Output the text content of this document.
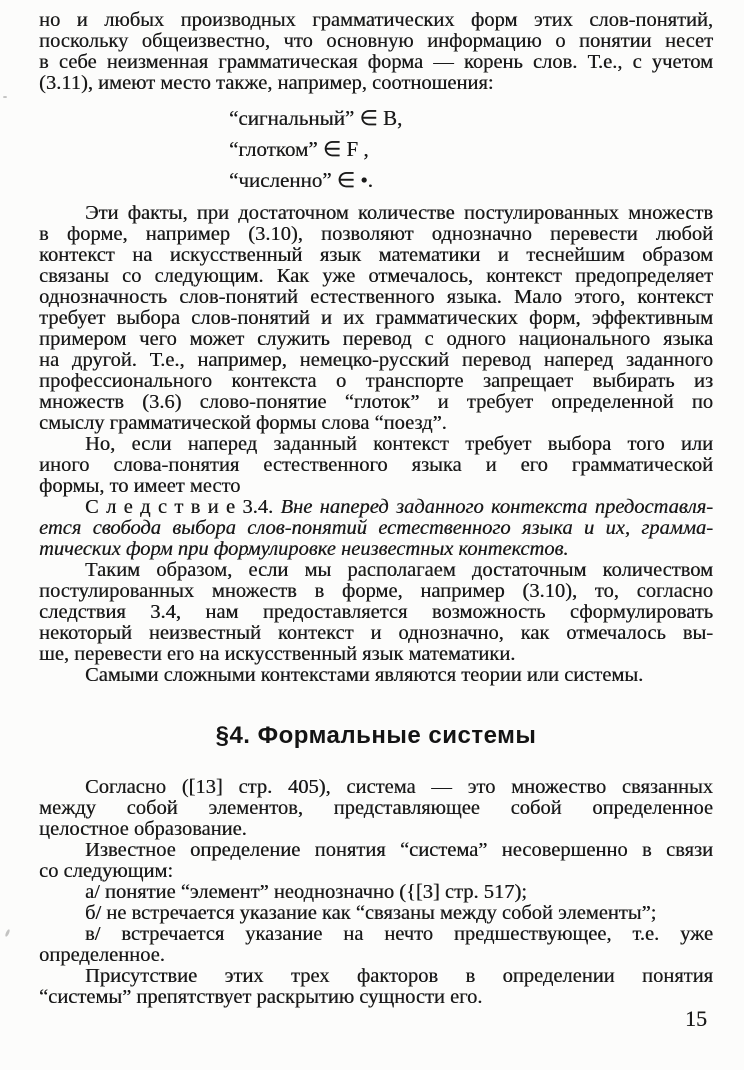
но и любых производных грамматических форм этих слов-понятий,
поскольку общеизвестно, что основную информацию о понятии несет
в себе неизменная грамматическая форма — корень слов. Т.е., с учетом
(3.11), имеют место также, например, соотношения:
“сигнальный” ∈ B,
“глотком” ∈ F ,
“численно” ∈ •.
Эти факты, при достаточном количестве постулированных множеств
в форме, например (3.10), позволяют однозначно перевести любой
контекст на искусственный язык математики и теснейшим образом
связаны со следующим. Как уже отмечалось, контекст предопределяет
однозначность слов-понятий естественного языка. Мало этого, контекст
требует выбора слов-понятий и их грамматических форм, эффективным
примером чего может служить перевод с одного национального языка
на другой. Т.е., например, немецко-русский перевод наперед заданного
профессионального контекста о транспорте запрещает выбирать из
множеств (3.6) слово-понятие “глоток” и требует определенной по
смыслу грамматической формы слова “поезд”.
Но, если наперед заданный контекст требует выбора того или
иного слова-понятия естественного языка и его грамматической
формы, то имеет место
С л е д с т в и е 3.4. Вне наперед заданного контекста предоставля-
ется свобода выбора слов-понятий естественного языка и их, грамма-
тических форм при формулировке неизвестных контекстов.
Таким образом, если мы располагаем достаточным количеством
постулированных множеств в форме, например (3.10), то, согласно
следствия 3.4, нам предоставляется возможность сформулировать
некоторый неизвестный контекст и однозначно, как отмечалось вы-
ше, перевести его на искусственный язык математики.
Самыми сложными контекстами являются теории или системы.
§4. Формальные системы
Согласно ([13] стр. 405), система — это множество связанных
между собой элементов, представляющее собой определенное
целостное образование.
Известное определение понятия “система” несовершенно в связи
со следующим:
а/ понятие “элемент” неоднозначно ({[3] стр. 517);
б/ не встречается указание как “связаны между собой элементы”;
в/ встречается указание на нечто предшествующее, т.е. уже
определенное.
Присутствие этих трех факторов в определении понятия
“системы” препятствует раскрытию сущности его.
15
